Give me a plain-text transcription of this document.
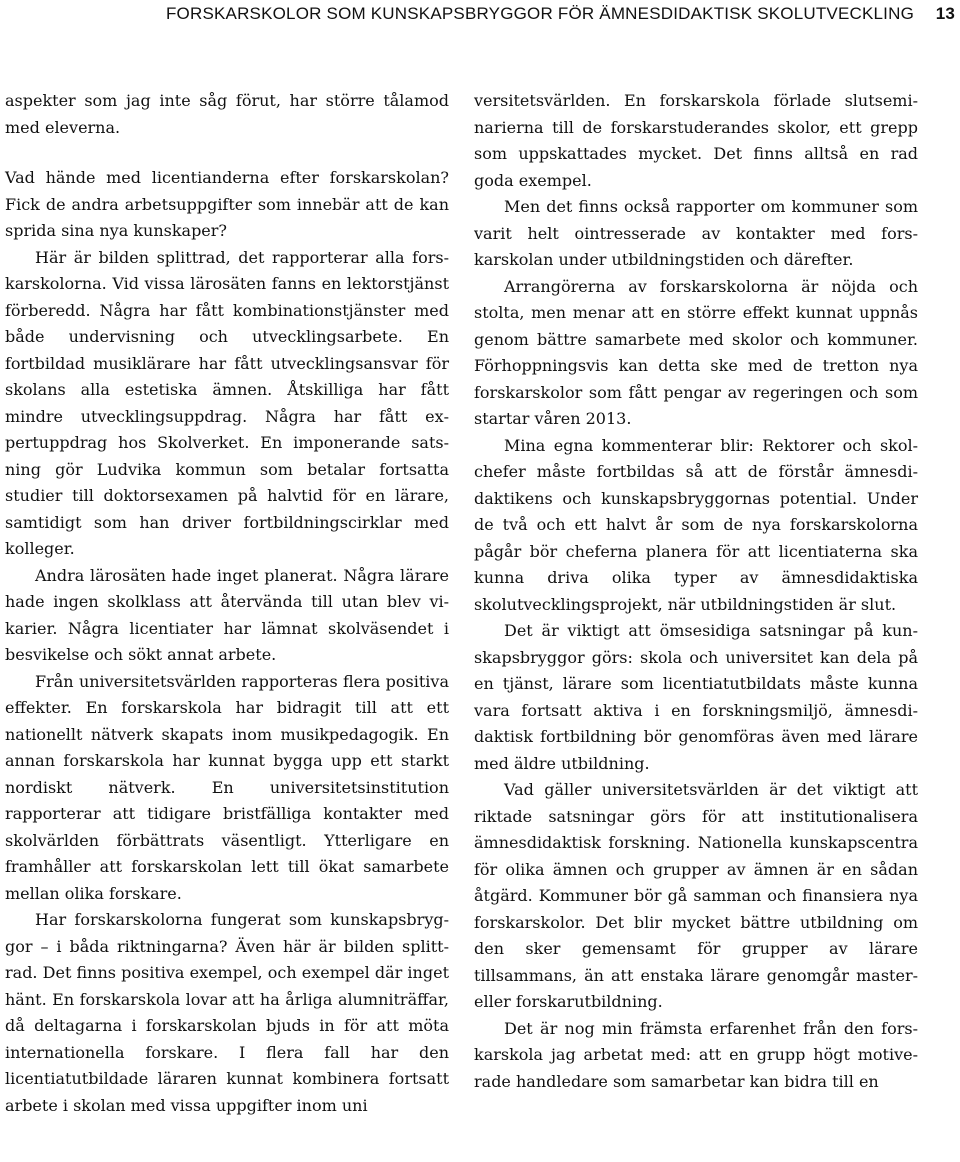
FORSKARSKOLOR SOM KUNSKAPSBRYGGOR FÖR ÄMNESDIDAKTISK SKOLUTVECKLING 13

aspekter som jag inte såg förut, har större tålamod med eleverna.

Vad hände med licentianderna efter forskarskolan? Fick de andra arbetsuppgifter som innebär att de kan sprida sina nya kunskaper?

Här är bilden splittrad, det rapporterar alla forskarskolorna. Vid vissa lärosäten fanns en lektorstjänst förberedd. Några har fått kombinationstjänster med både undervisning och utvecklingsarbete. En fortbildad musiklärare har fått utvecklingsansvar för skolans alla estetiska ämnen. Åtskilliga har fått mindre utvecklingsuppdrag. Några har fått expertuppdrag hos Skolverket. En imponerande satsning gör Ludvika kommun som betalar fortsatta studier till doktorsexamen på halvtid för en lärare, samtidigt som han driver fortbildningscirklar med kolleger.

Andra lärosäten hade inget planerat. Några lärare hade ingen skolklass att återvända till utan blev vikarier. Några licentiater har lämnat skolväsendet i besvikelse och sökt annat arbete.

Från universitetsvärlden rapporteras flera positiva effekter. En forskarskola har bidragit till att ett nationellt nätverk skapats inom musikpedagogik. En annan forskarskola har kunnat bygga upp ett starkt nordiskt nätverk. En universitetsinstitution rapporterar att tidigare bristfälliga kontakter med skolvärlden förbättrats väsentligt. Ytterligare en framhåller att forskarskolan lett till ökat samarbete mellan olika forskare.

Har forskarskolorna fungerat som kunskapsbryggor – i båda riktningarna? Även här är bilden splittrad. Det finns positiva exempel, och exempel där inget hänt. En forskarskola lovar att ha årliga alumniträffar, då deltagarna i forskarskolan bjuds in för att möta internationella forskare. I flera fall har den licentiatutbildade läraren kunnat kombinera fortsatt arbete i skolan med vissa uppgifter inom uni

versitetsvärlden. En forskarskola förlade slutseminarierna till de forskarstuderandes skolor, ett grepp som uppskattades mycket. Det finns alltså en rad goda exempel.

Men det finns också rapporter om kommuner som varit helt ointresserade av kontakter med forskarskolan under utbildningstiden och därefter.

Arrangörerna av forskarskolorna är nöjda och stolta, men menar att en större effekt kunnat uppnås genom bättre samarbete med skolor och kommuner. Förhoppningsvis kan detta ske med de tretton nya forskarskolor som fått pengar av regeringen och som startar våren 2013.

Mina egna kommenterar blir: Rektorer och skolchefer måste fortbildas så att de förstår ämnesdidaktikens och kunskapsbryggornas potential. Under de två och ett halvt år som de nya forskarskolorna pågår bör cheferna planera för att licentiaterna ska kunna driva olika typer av ämnesdidaktiska skolutvecklingsprojekt, när utbildningstiden är slut.

Det är viktigt att ömsesidiga satsningar på kunskapsbryggor görs: skola och universitet kan dela på en tjänst, lärare som licentiatutbildats måste kunna vara fortsatt aktiva i en forskningsmiljö, ämnesdidaktisk fortbildning bör genomföras även med lärare med äldre utbildning.

Vad gäller universitetsvärlden är det viktigt att riktade satsningar görs för att institutionaliserа ämnesdidaktisk forskning. Nationella kunskapscentra för olika ämnen och grupper av ämnen är en sådan åtgärd. Kommuner bör gå samman och finansiera nya forskarskolor. Det blir mycket bättre utbildning om den sker gemensamt för grupper av lärare tillsammans, än att enstaka lärare genomgår master- eller forskarutbildning.

Det är nog min främsta erfarenhet från den forskarskola jag arbetat med: att en grupp högt motiverade handledare som samarbetar kan bidra till en
